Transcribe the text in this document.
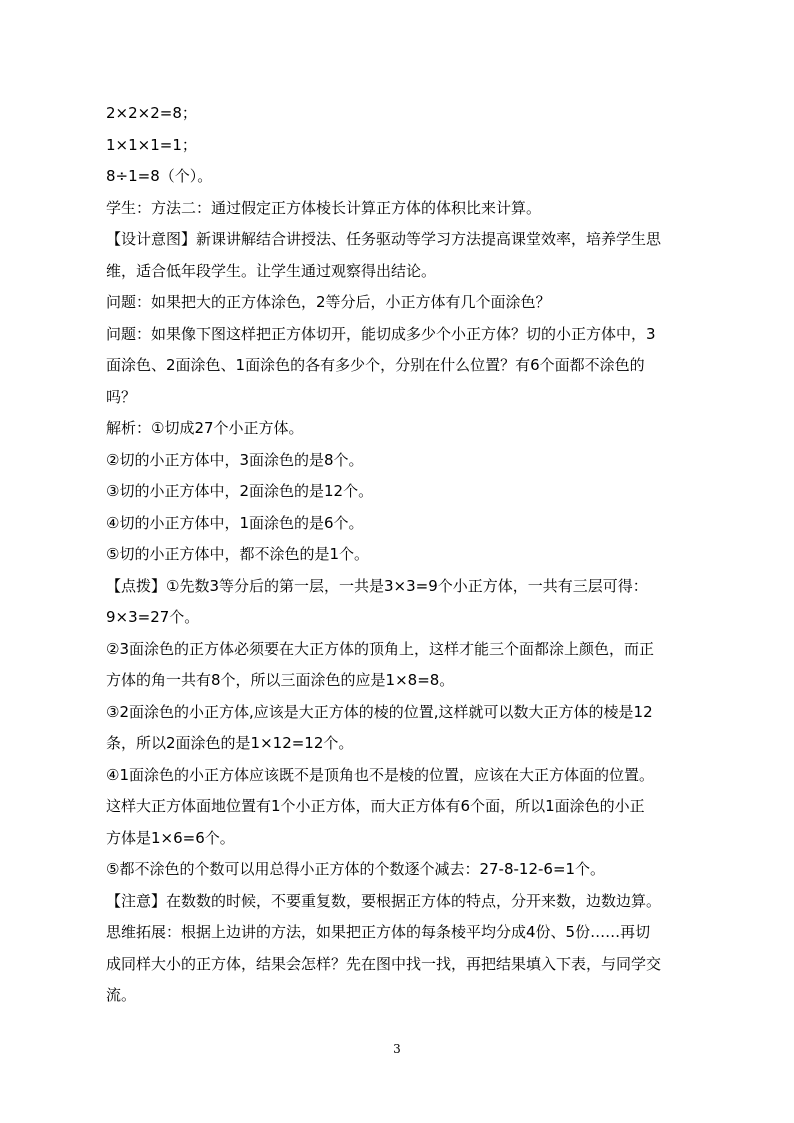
2×2×2=8；
1×1×1=1；
8÷1=8（个）。
学生：方法二：通过假定正方体棱长计算正方体的体积比来计算。
【设计意图】新课讲解结合讲授法、任务驱动等学习方法提高课堂效率，培养学生思
维，适合低年段学生。让学生通过观察得出结论。
问题：如果把大的正方体涂色，2等分后，小正方体有几个面涂色？
问题：如果像下图这样把正方体切开，能切成多少个小正方体？切的小正方体中，3
面涂色、2面涂色、1面涂色的各有多少个，分别在什么位置？有6个面都不涂色的
吗？
解析：①切成27个小正方体。
②切的小正方体中，3面涂色的是8个。
③切的小正方体中，2面涂色的是12个。
④切的小正方体中，1面涂色的是6个。
⑤切的小正方体中，都不涂色的是1个。
【点拨】①先数3等分后的第一层，一共是3×3=9个小正方体，一共有三层可得：
9×3=27个。
②3面涂色的正方体必须要在大正方体的顶角上，这样才能三个面都涂上颜色，而正
方体的角一共有8个，所以三面涂色的应是1×8=8。
③2面涂色的小正方体,应该是大正方体的棱的位置,这样就可以数大正方体的棱是12
条，所以2面涂色的是1×12=12个。
④1面涂色的小正方体应该既不是顶角也不是棱的位置，应该在大正方体面的位置。
这样大正方体面地位置有1个小正方体，而大正方体有6个面，所以1面涂色的小正
方体是1×6=6个。
⑤都不涂色的个数可以用总得小正方体的个数逐个减去：27-8-12-6=1个。
【注意】在数数的时候，不要重复数，要根据正方体的特点，分开来数，边数边算。
思维拓展：根据上边讲的方法，如果把正方体的每条棱平均分成4份、5份……再切
成同样大小的正方体，结果会怎样？先在图中找一找，再把结果填入下表，与同学交
流。
3
